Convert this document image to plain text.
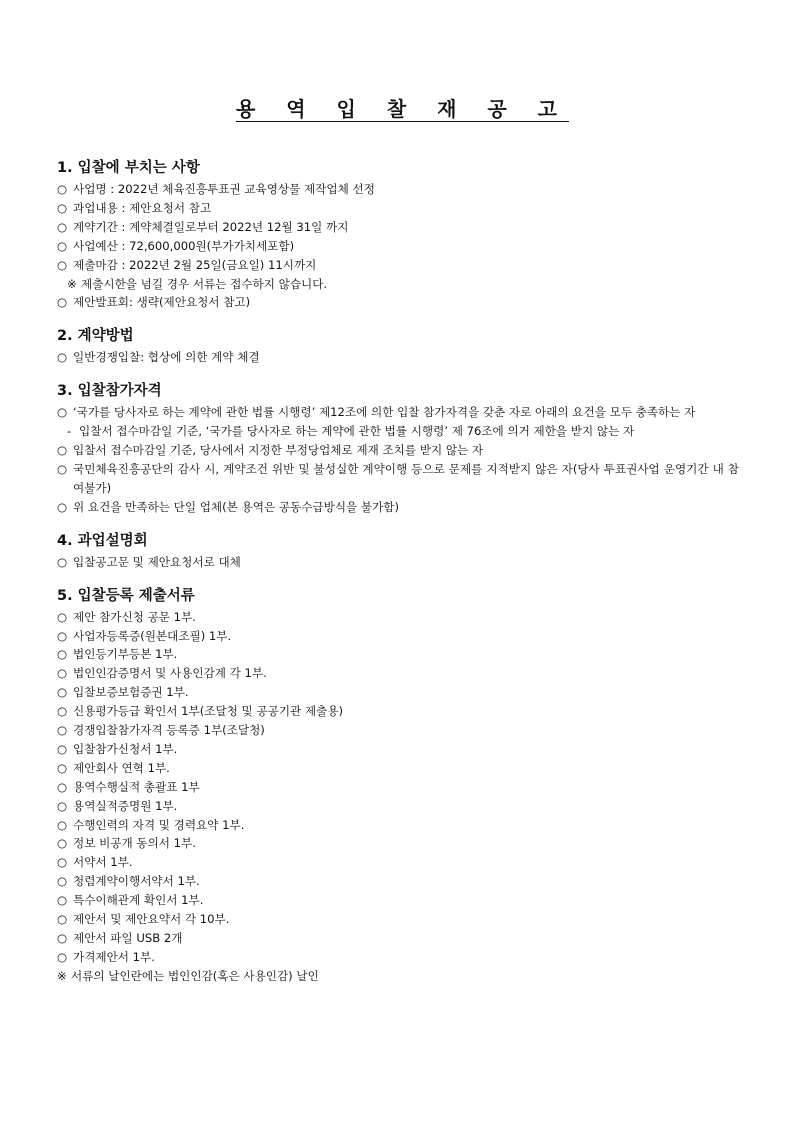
용 역 입 찰 재 공 고
1. 입찰에 부치는 사항
○ 사업명 : 2022년 체육진흥투표권 교육영상물 제작업체 선정
○ 과업내용 : 제안요청서 참고
○ 계약기간 : 계약체결일로부터 2022년 12월 31일 까지
○ 사업예산 : 72,600,000원(부가가치세포함)
○ 제출마감 : 2022년 2월 25일(금요일) 11시까지
※ 제출시한을 넘길 경우 서류는 접수하지 않습니다.
○ 제안발표회: 생략(제안요청서 참고)
2. 계약방법
○ 일반경쟁입찰: 협상에 의한 계약 체결
3. 입찰참가자격
○ ‘국가를 당사자로 하는 계약에 관한 법률 시행령’ 제12조에 의한 입찰 참가자격을 갖춘 자로 아래의 요건을 모두 충족하는 자
- 입찰서 접수마감일 기준, ‘국가를 당사자로 하는 계약에 관한 법률 시행령’ 제 76조에 의거 제한을 받지 않는 자
○ 입찰서 접수마감일 기준, 당사에서 지정한 부정당업체로 제재 조치를 받지 않는 자
○ 국민체육진흥공단의 감사 시, 계약조건 위반 및 불성실한 계약이행 등으로 문제를 지적받지 않은 자(당사 투표권사업 운영기간 내 참여불가)
○ 위 요건을 만족하는 단일 업체(본 용역은 공동수급방식을 불가함)
4. 과업설명회
○ 입찰공고문 및 제안요청서로 대체
5. 입찰등록 제출서류
○ 제안 참가신청 공문 1부.
○ 사업자등록증(원본대조필) 1부.
○ 법인등기부등본 1부.
○ 법인인감증명서 및 사용인감계 각 1부.
○ 입찰보증보험증권 1부.
○ 신용평가등급 확인서 1부(조달청 및 공공기관 제출용)
○ 경쟁입찰참가자격 등록증 1부(조달청)
○ 입찰참가신청서 1부.
○ 제안회사 연혁 1부.
○ 용역수행실적 총괄표 1부
○ 용역실적증명원 1부.
○ 수행인력의 자격 및 경력요약 1부.
○ 정보 비공개 동의서 1부.
○ 서약서 1부.
○ 청렴계약이행서약서 1부.
○ 특수이해관계 확인서 1부.
○ 제안서 및 제안요약서 각 10부.
○ 제안서 파일 USB 2개
○ 가격제안서 1부.
※ 서류의 날인란에는 법인인감(혹은 사용인감) 날인
